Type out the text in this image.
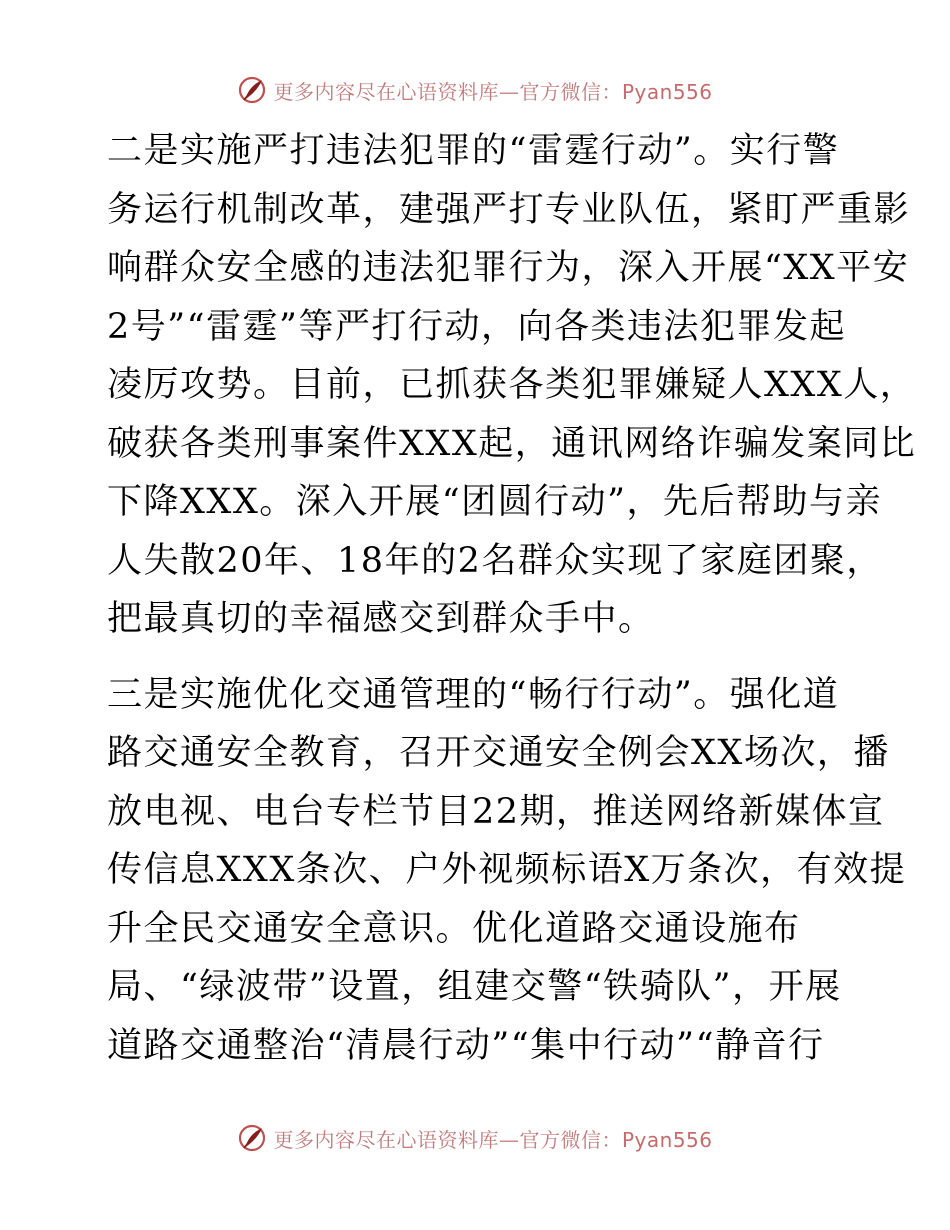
更多内容尽在心语资料库—官方微信：Pyan556

二是实施严打违法犯罪的“雷霆行动”。实行警
务运行机制改革，建强严打专业队伍，紧盯严重影
响群众安全感的违法犯罪行为，深入开展“XX平安
2号”“雷霆”等严打行动，向各类违法犯罪发起
凌厉攻势。目前，已抓获各类犯罪嫌疑人XXX人，
破获各类刑事案件XXX起，通讯网络诈骗发案同比
下降XXX。深入开展“团圆行动”，先后帮助与亲
人失散20年、18年的2名群众实现了家庭团聚，
把最真切的幸福感交到群众手中。

三是实施优化交通管理的“畅行行动”。强化道
路交通安全教育，召开交通安全例会XX场次，播
放电视、电台专栏节目22期，推送网络新媒体宣
传信息XXX条次、户外视频标语X万条次，有效提
升全民交通安全意识。优化道路交通设施布
局、“绿波带”设置，组建交警“铁骑队”，开展
道路交通整治“清晨行动”“集中行动”“静音行

更多内容尽在心语资料库—官方微信：Pyan556
